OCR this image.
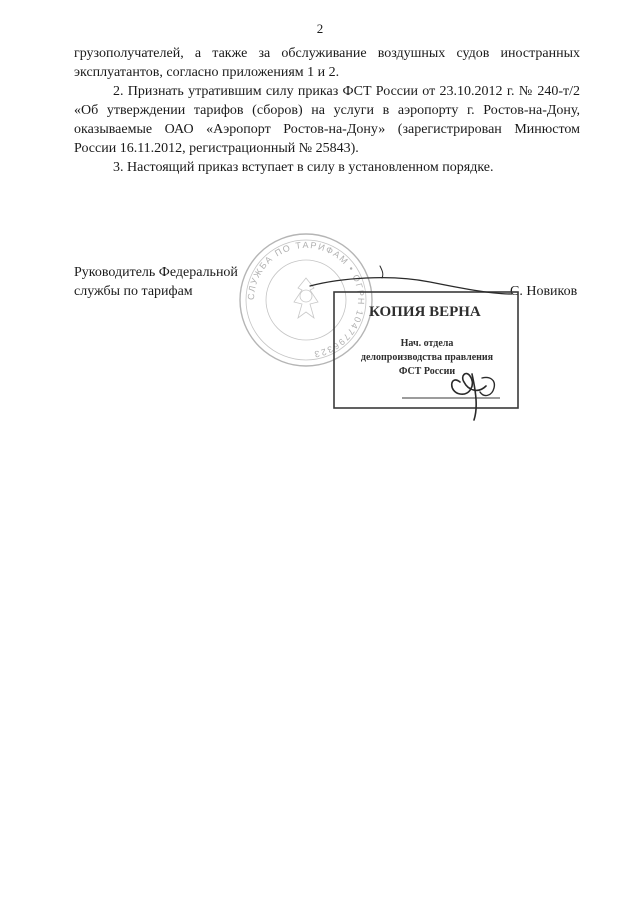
2

грузополучателей, а также за обслуживание воздушных судов иностранных эксплуатантов, согласно приложениям 1 и 2.

2. Признать утратившим силу приказ ФСТ России от 23.10.2012 г. № 240-т/2 «Об утверждении тарифов (сборов) на услуги в аэропорту г. Ростов-на-Дону, оказываемые ОАО «Аэропорт Ростов-на-Дону» (зарегистрирован Минюстом России 16.11.2012, регистрационный № 25843).

3. Настоящий приказ вступает в силу в установленном порядке.

СЛУЖБА ПО ТАРИФАМ • ОГРН 1047796323
Руководитель Федеральной
службы по тарифам	С. Новиков
КОПИЯ ВЕРНА
Нач. отдела
делопроизводства правления
ФСТ России
